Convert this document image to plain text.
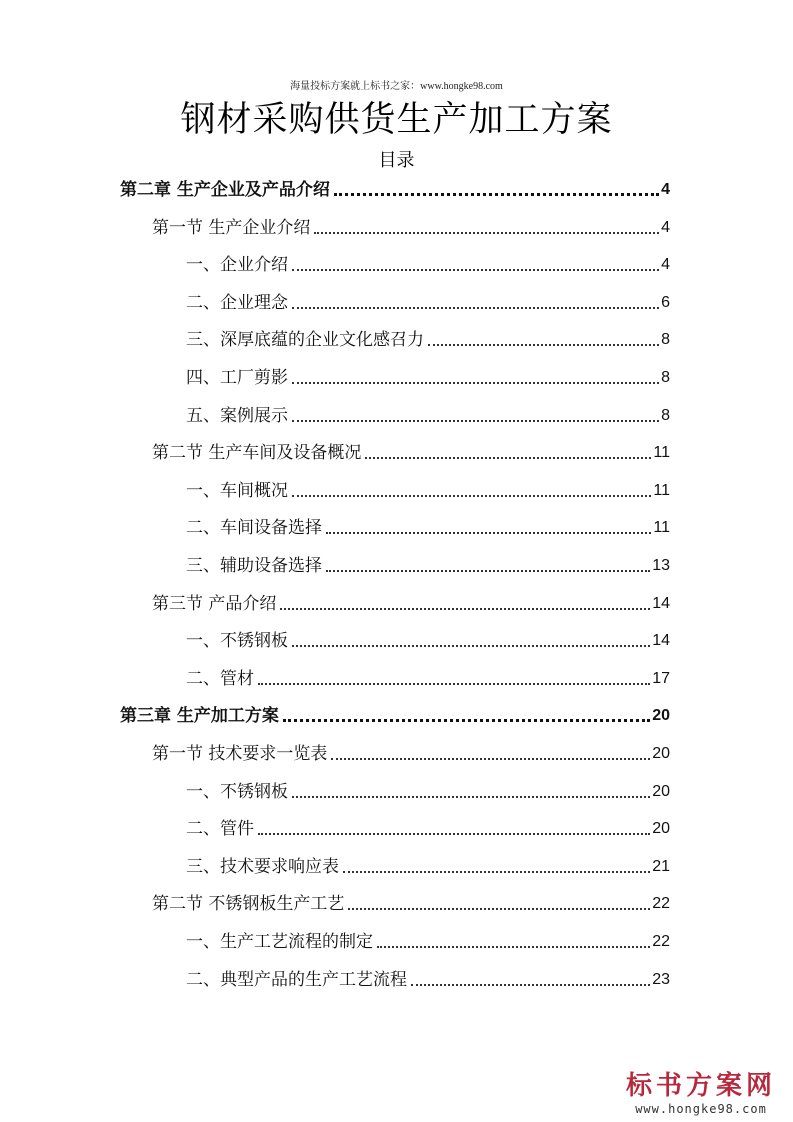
海量投标方案就上标书之家：www.hongke98.com
钢材采购供货生产加工方案
目录
第二章 生产企业及产品介绍	4
第一节 生产企业介绍	4
一、企业介绍	4
二、企业理念	6
三、深厚底蕴的企业文化感召力	8
四、工厂剪影	8
五、案例展示	8
第二节 生产车间及设备概况	11
一、车间概况	11
二、车间设备选择	11
三、辅助设备选择	13
第三节 产品介绍	14
一、不锈钢板	14
二、管材	17
第三章 生产加工方案	20
第一节 技术要求一览表	20
一、不锈钢板	20
二、管件	20
三、技术要求响应表	21
第二节 不锈钢板生产工艺	22
一、生产工艺流程的制定	22
二、典型产品的生产工艺流程	23
标书方案网
www.hongke98.com
